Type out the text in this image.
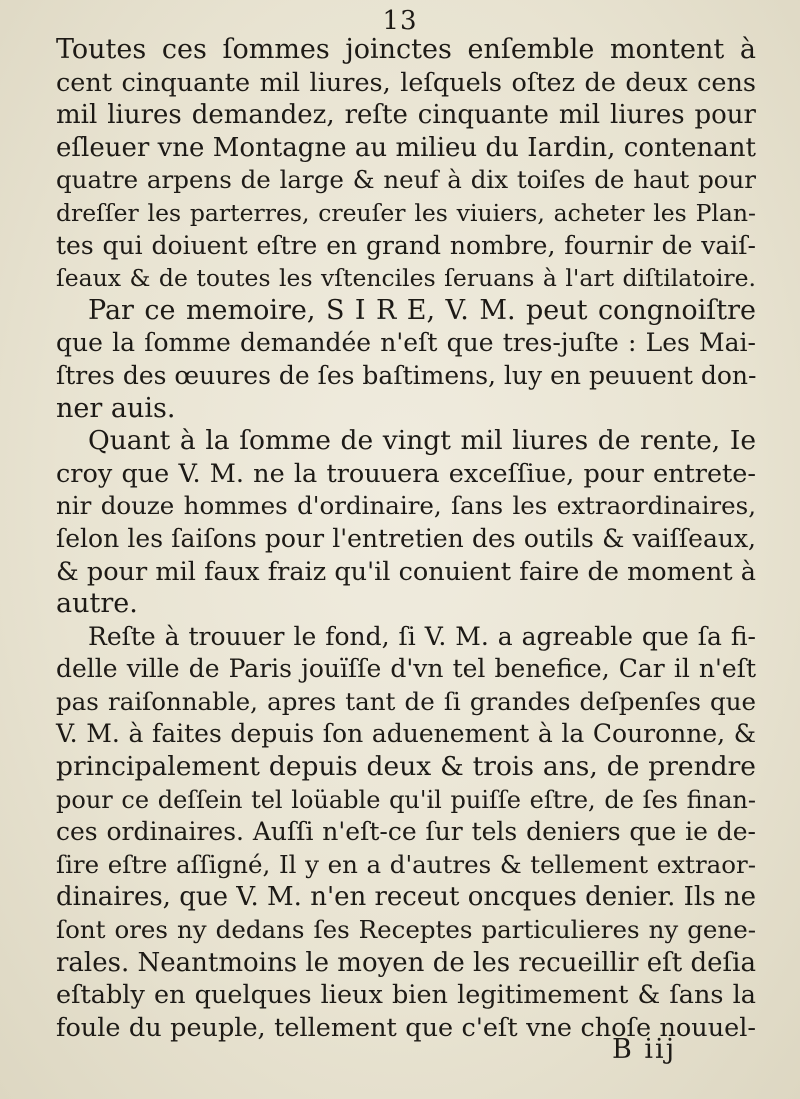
13
Toutes ces ſommes joinctes enſemble montent à
cent cinquante mil liures, leſquels oſtez de deux cens
mil liures demandez, reſte cinquante mil liures pour
eſleuer vne Montagne au milieu du Iardin, contenant
quatre arpens de large & neuf à dix toiſes de haut pour
dreſſer les parterres, creuſer les viuiers, acheter les Plan-
tes qui doiuent eſtre en grand nombre, fournir de vaiſ-
ſeaux & de toutes les vſtenciles ſeruans à l'art diſtilatoire.
Par ce memoire, S I R E, V. M. peut congnoiſtre
que la ſomme demandée n'eſt que tres-juſte : Les Mai-
ſtres des œuures de ſes baſtimens, luy en peuuent don-
ner auis.
Quant à la ſomme de vingt mil liures de rente, Ie
croy que V. M. ne la trouuera exceſſiue, pour entrete-
nir douze hommes d'ordinaire, ſans les extraordinaires,
ſelon les ſaiſons pour l'entretien des outils & vaiſſeaux,
& pour mil faux fraiz qu'il conuient faire de moment à
autre.
Reſte à trouuer le fond, ſi V. M. a agreable que ſa fi-
delle ville de Paris jouïſſe d'vn tel benefice, Car il n'eſt
pas raiſonnable, apres tant de ſi grandes deſpenſes que
V. M. à faites depuis ſon aduenement à la Couronne, &
principalement depuis deux & trois ans, de prendre
pour ce deſſein tel loüable qu'il puiſſe eſtre, de ſes finan-
ces ordinaires. Auſſi n'eſt-ce ſur tels deniers que ie de-
ſire eſtre aſſigné, Il y en a d'autres & tellement extraor-
dinaires, que V. M. n'en receut oncques denier. Ils ne
ſont ores ny dedans ſes Receptes particulieres ny gene-
rales. Neantmoins le moyen de les recueillir eſt deſia
eſtably en quelques lieux bien legitimement & ſans la
foule du peuple, tellement que c'eſt vne choſe nouuel-
B iij
